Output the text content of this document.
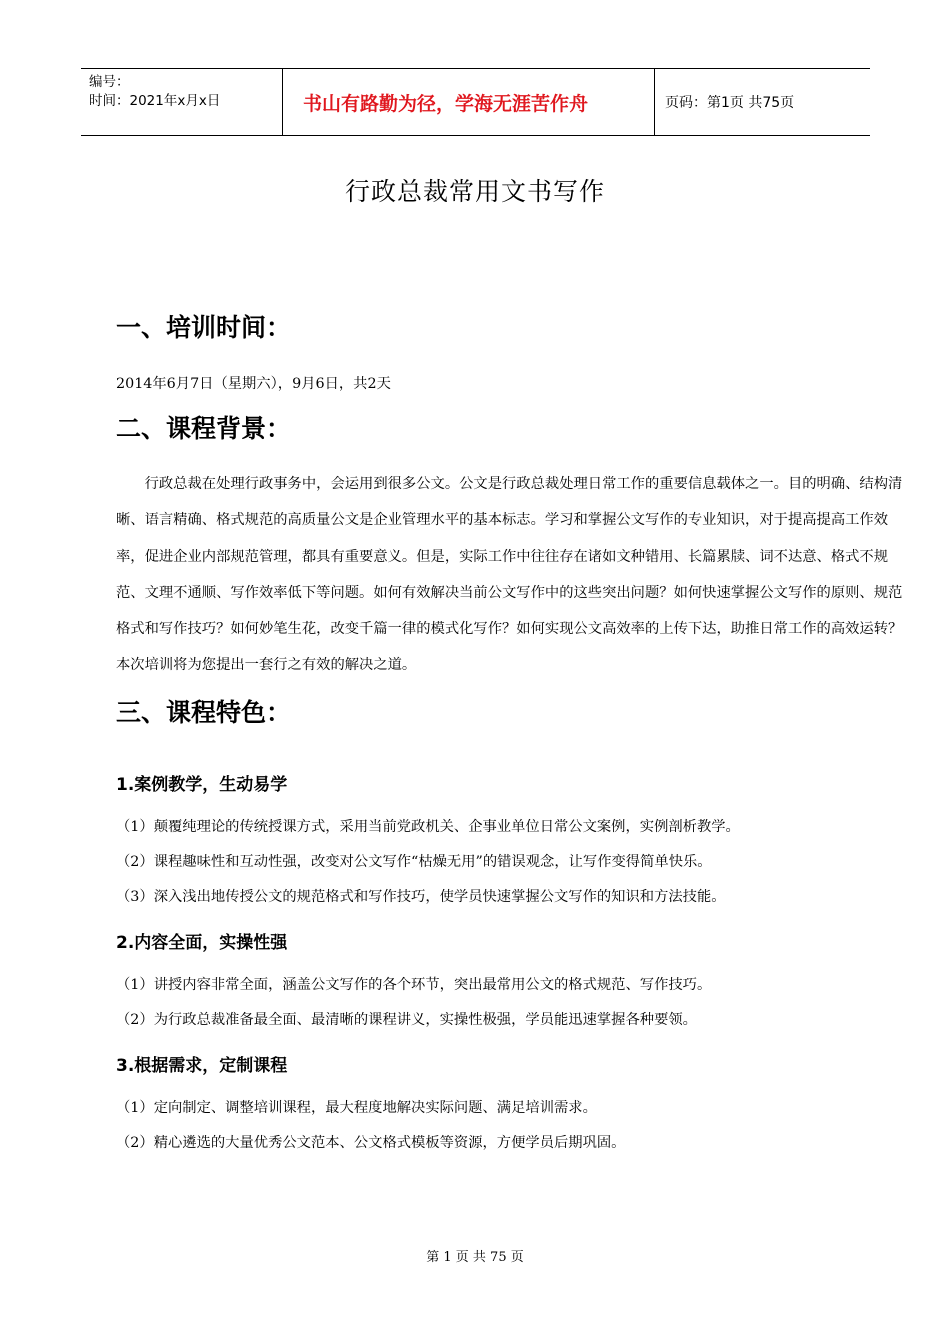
编号：
时间：2021年x月x日	书山有路勤为径，学海无涯苦作舟	页码：第1页 共75页
行政总裁常用文书写作
一、培训时间：

2014年6月7日（星期六），9月6日，共2天

二、课程背景：

行政总裁在处理行政事务中，会运用到很多公文。公文是行政总裁处理日常工作的重要信息载体之一。目的明确、结构清晰、语言精确、格式规范的高质量公文是企业管理水平的基本标志。学习和掌握公文写作的专业知识，对于提高提高工作效率，促进企业内部规范管理，都具有重要意义。但是，实际工作中往往存在诸如文种错用、长篇累牍、词不达意、格式不规范、文理不通顺、写作效率低下等问题。如何有效解决当前公文写作中的这些突出问题？如何快速掌握公文写作的原则、规范格式和写作技巧？如何妙笔生花，改变千篇一律的模式化写作？如何实现公文高效率的上传下达，助推日常工作的高效运转？本次培训将为您提出一套行之有效的解决之道。

三、课程特色：
1.案例教学，生动易学

（1）颠覆纯理论的传统授课方式，采用当前党政机关、企事业单位日常公文案例，实例剖析教学。

（2）课程趣味性和互动性强，改变对公文写作“枯燥无用”的错误观念，让写作变得简单快乐。

（3）深入浅出地传授公文的规范格式和写作技巧，使学员快速掌握公文写作的知识和方法技能。

2.内容全面，实操性强

（1）讲授内容非常全面，涵盖公文写作的各个环节，突出最常用公文的格式规范、写作技巧。

（2）为行政总裁准备最全面、最清晰的课程讲义，实操性极强，学员能迅速掌握各种要领。

3.根据需求，定制课程

（1）定向制定、调整培训课程，最大程度地解决实际问题、满足培训需求。

（2）精心遴选的大量优秀公文范本、公文格式模板等资源，方便学员后期巩固。

第 1 页 共 75 页
